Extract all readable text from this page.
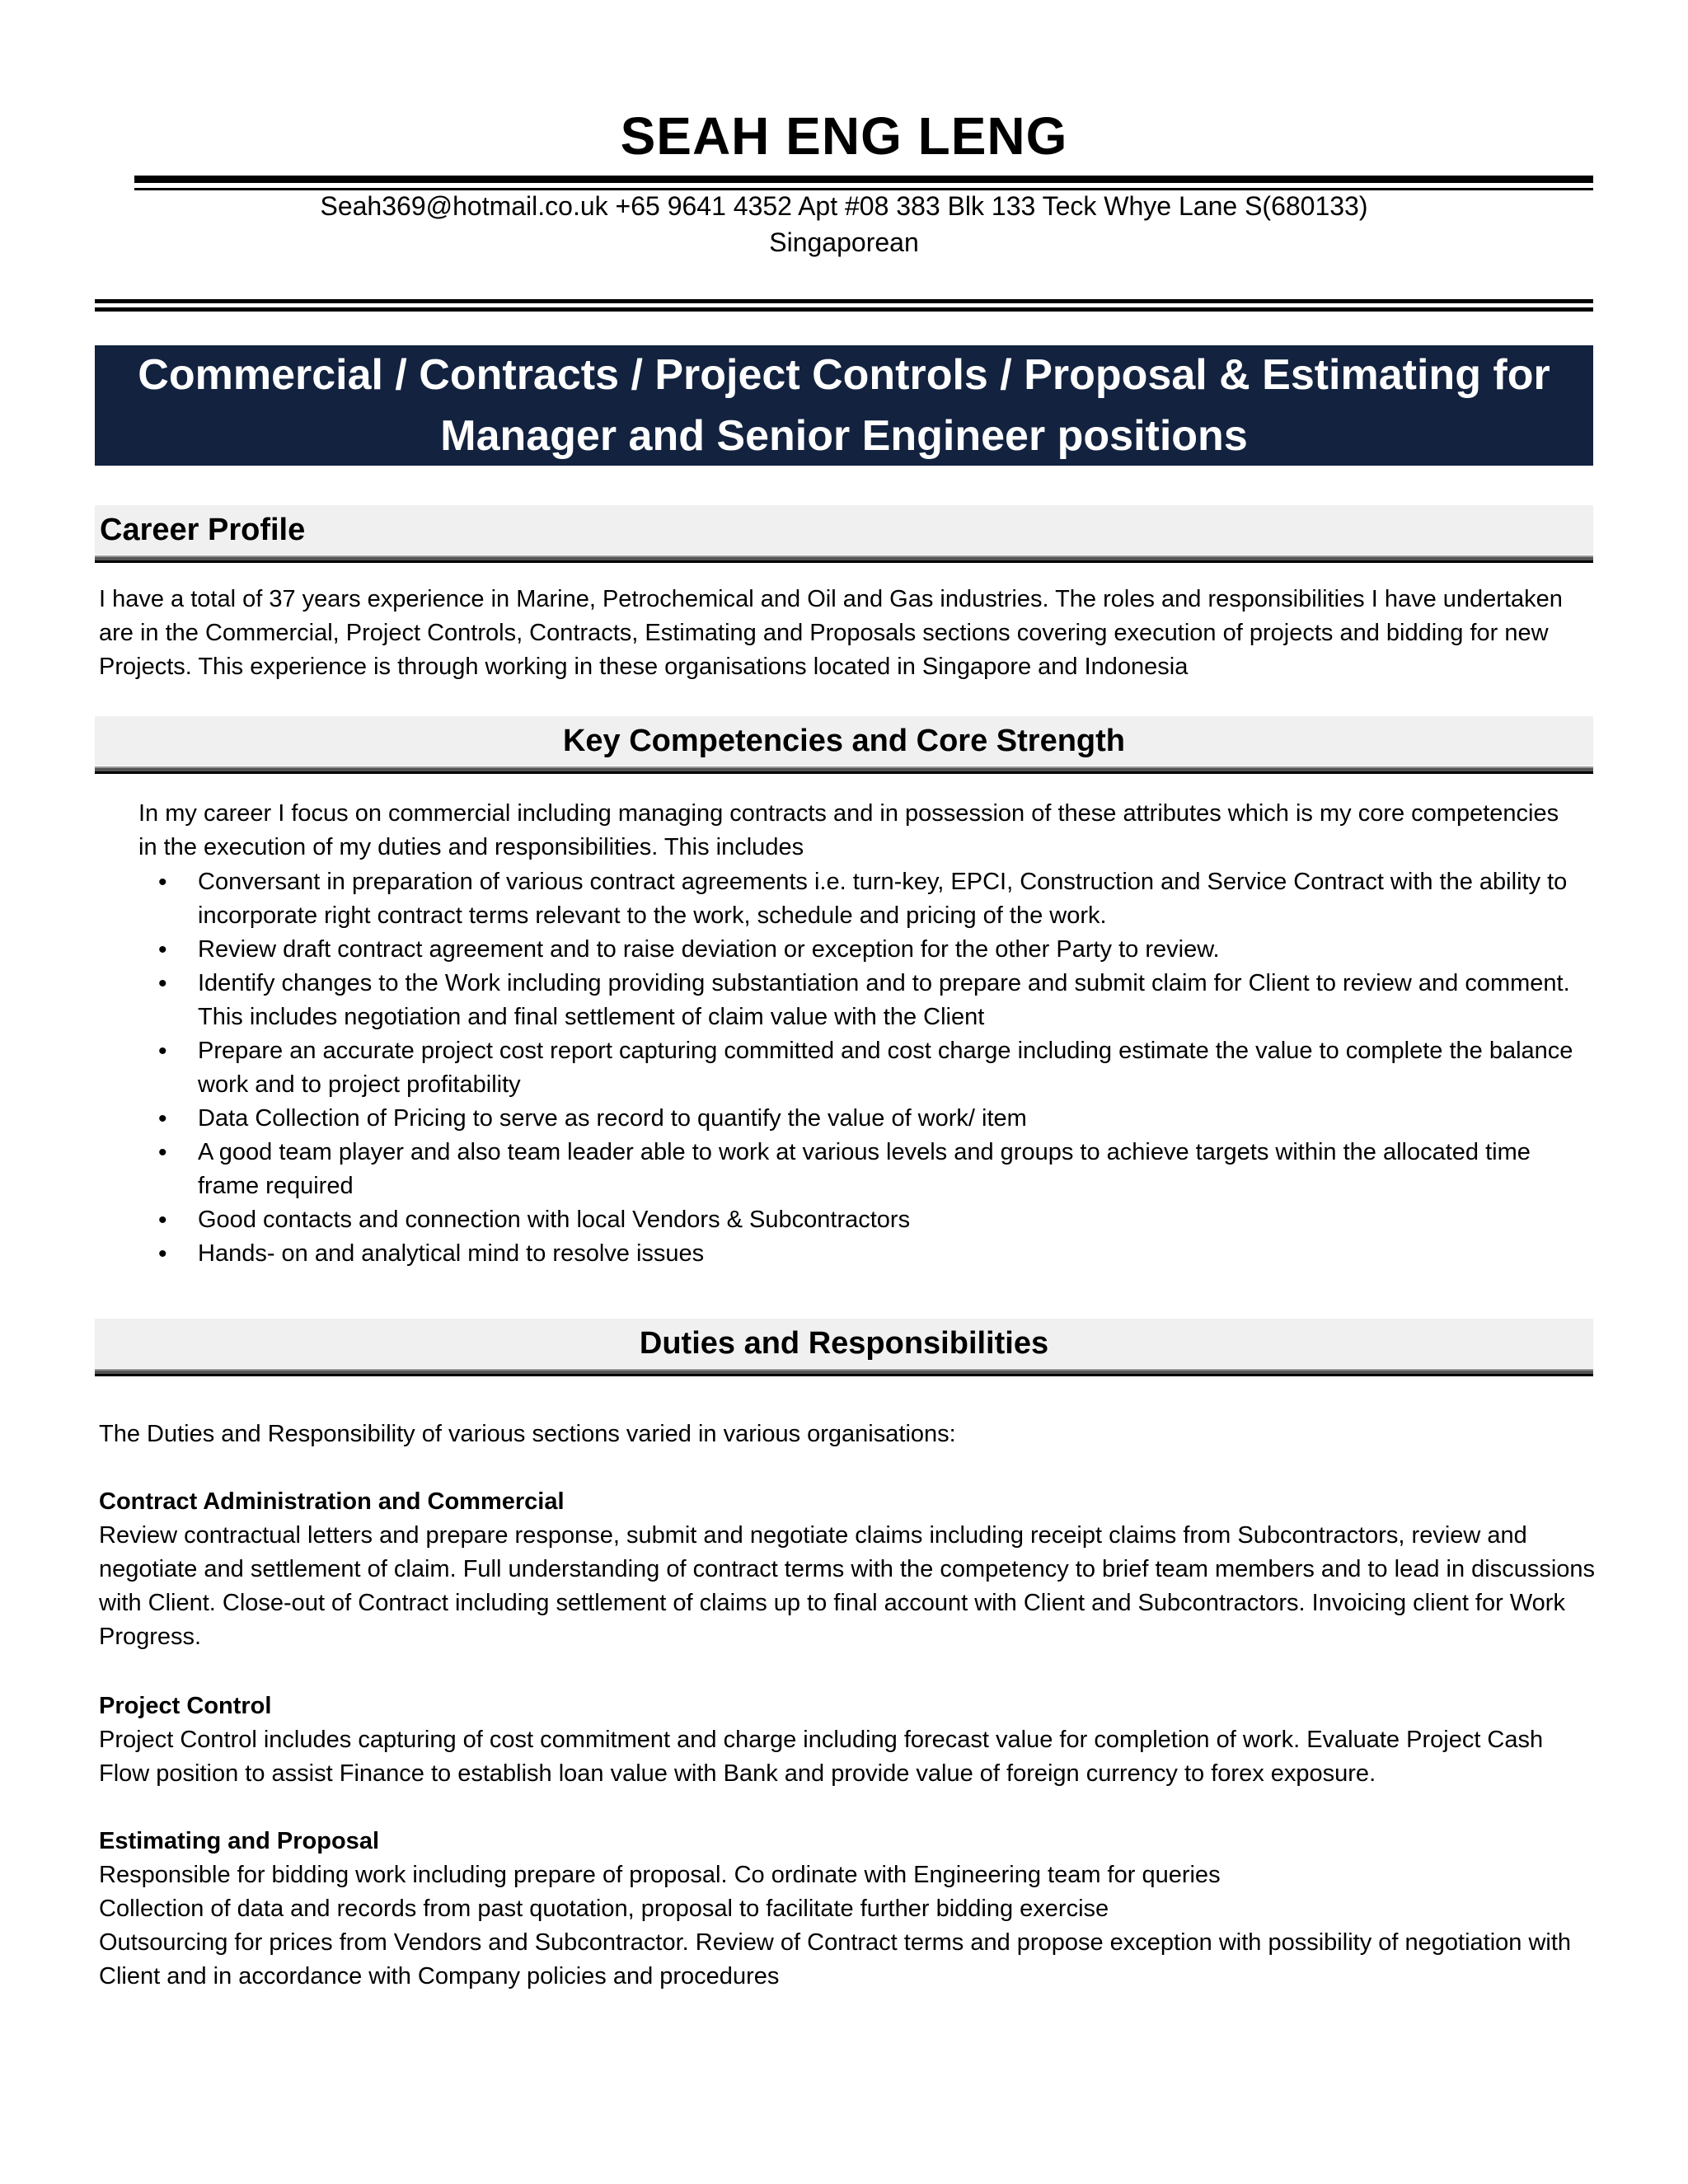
SEAH ENG LENG
Seah369@hotmail.co.uk +65 9641 4352 Apt #08 383 Blk 133 Teck Whye Lane S(680133)
Singaporean
Commercial / Contracts / Project Controls / Proposal & Estimating for
Manager and Senior Engineer positions
Career Profile
I have a total of 37 years experience in Marine, Petrochemical and Oil and Gas industries. The roles and responsibilities I have undertaken are in the Commercial, Project Controls, Contracts, Estimating and Proposals sections covering execution of projects and bidding for new Projects. This experience is through working in these organisations located in Singapore and Indonesia
Key Competencies and Core Strength
In my career I focus on commercial including managing contracts and in possession of these attributes which is my core competencies in the execution of my duties and responsibilities. This includes
• Conversant in preparation of various contract agreements i.e. turn-key, EPCI, Construction and Service Contract with the ability to incorporate right contract terms relevant to the work, schedule and pricing of the work.
• Review draft contract agreement and to raise deviation or exception for the other Party to review.
• Identify changes to the Work including providing substantiation and to prepare and submit claim for Client to review and comment. This includes negotiation and final settlement of claim value with the Client
• Prepare an accurate project cost report capturing committed and cost charge including estimate the value to complete the balance work and to project profitability
• Data Collection of Pricing to serve as record to quantify the value of work/ item
• A good team player and also team leader able to work at various levels and groups to achieve targets within the allocated time frame required
• Good contacts and connection with local Vendors & Subcontractors
• Hands- on and analytical mind to resolve issues
Duties and Responsibilities
The Duties and Responsibility of various sections varied in various organisations:

Contract Administration and Commercial

Review contractual letters and prepare response, submit and negotiate claims including receipt claims from Subcontractors, review and negotiate and settlement of claim. Full understanding of contract terms with the competency to brief team members and to lead in discussions with Client. Close-out of Contract including settlement of claims up to final account with Client and Subcontractors. Invoicing client for Work Progress.

Project Control

Project Control includes capturing of cost commitment and charge including forecast value for completion of work. Evaluate Project Cash Flow position to assist Finance to establish loan value with Bank and provide value of foreign currency to forex exposure.

Estimating and Proposal

Responsible for bidding work including prepare of proposal. Co ordinate with Engineering team for queries

Collection of data and records from past quotation, proposal to facilitate further bidding exercise

Outsourcing for prices from Vendors and Subcontractor. Review of Contract terms and propose exception with possibility of negotiation with Client and in accordance with Company policies and procedures
